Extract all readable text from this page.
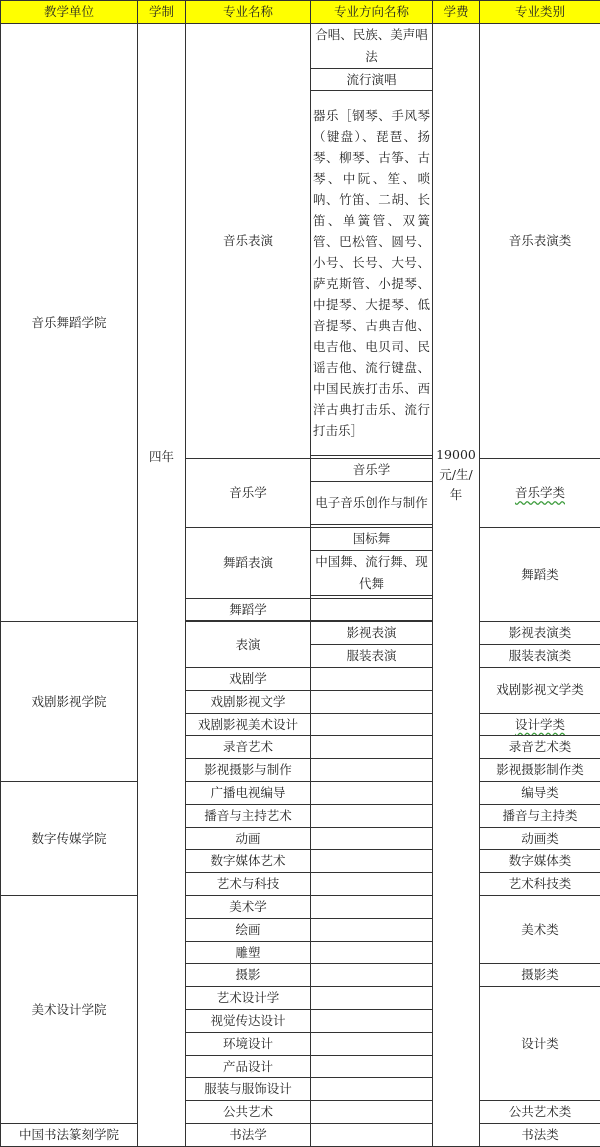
教学单位	学制	专业名称	专业方向名称	学费	专业类别
音乐舞蹈学院	四年	音乐表演	合唱、民族、美声唱法	19000元/生/年	音乐表演类
			流行演唱		
			器乐［钢琴、手风琴（键盘）、琵琶、扬琴、柳琴、古筝、古琴、中阮、笙、唢呐、竹笛、二胡、长笛、单簧管、双簧管、巴松管、圆号、小号、长号、大号、萨克斯管、小提琴、中提琴、大提琴、低音提琴、古典吉他、电吉他、电贝司、民谣吉他、流行键盘、中国民族打击乐、西洋古典打击乐、流行打击乐］		

		音乐学	音乐学		音乐学类
			电子音乐创作与制作		

		舞蹈表演	国标舞		舞蹈类
			中国舞、流行舞、现代舞		

		舞蹈学			

戏剧影视学院		表演	影视表演		影视表演类
			服装表演		服装表演类
		戏剧学			戏剧影视文学类
		戏剧影视文学			
		戏剧影视美术设计			设计学类
		录音艺术			录音艺术类
		影视摄影与制作			影视摄影制作类
数字传媒学院		广播电视编导			编导类
		播音与主持艺术			播音与主持类
		动画			动画类
		数字媒体艺术			数字媒体类
		艺术与科技			艺术科技类
美术设计学院		美术学			美术类
		绘画			
		雕塑			
		摄影			摄影类
		艺术设计学			设计类
		视觉传达设计			
		环境设计			
		产品设计			
		服装与服饰设计			
		公共艺术			公共艺术类
中国书法篆刻学院		书法学			书法类
